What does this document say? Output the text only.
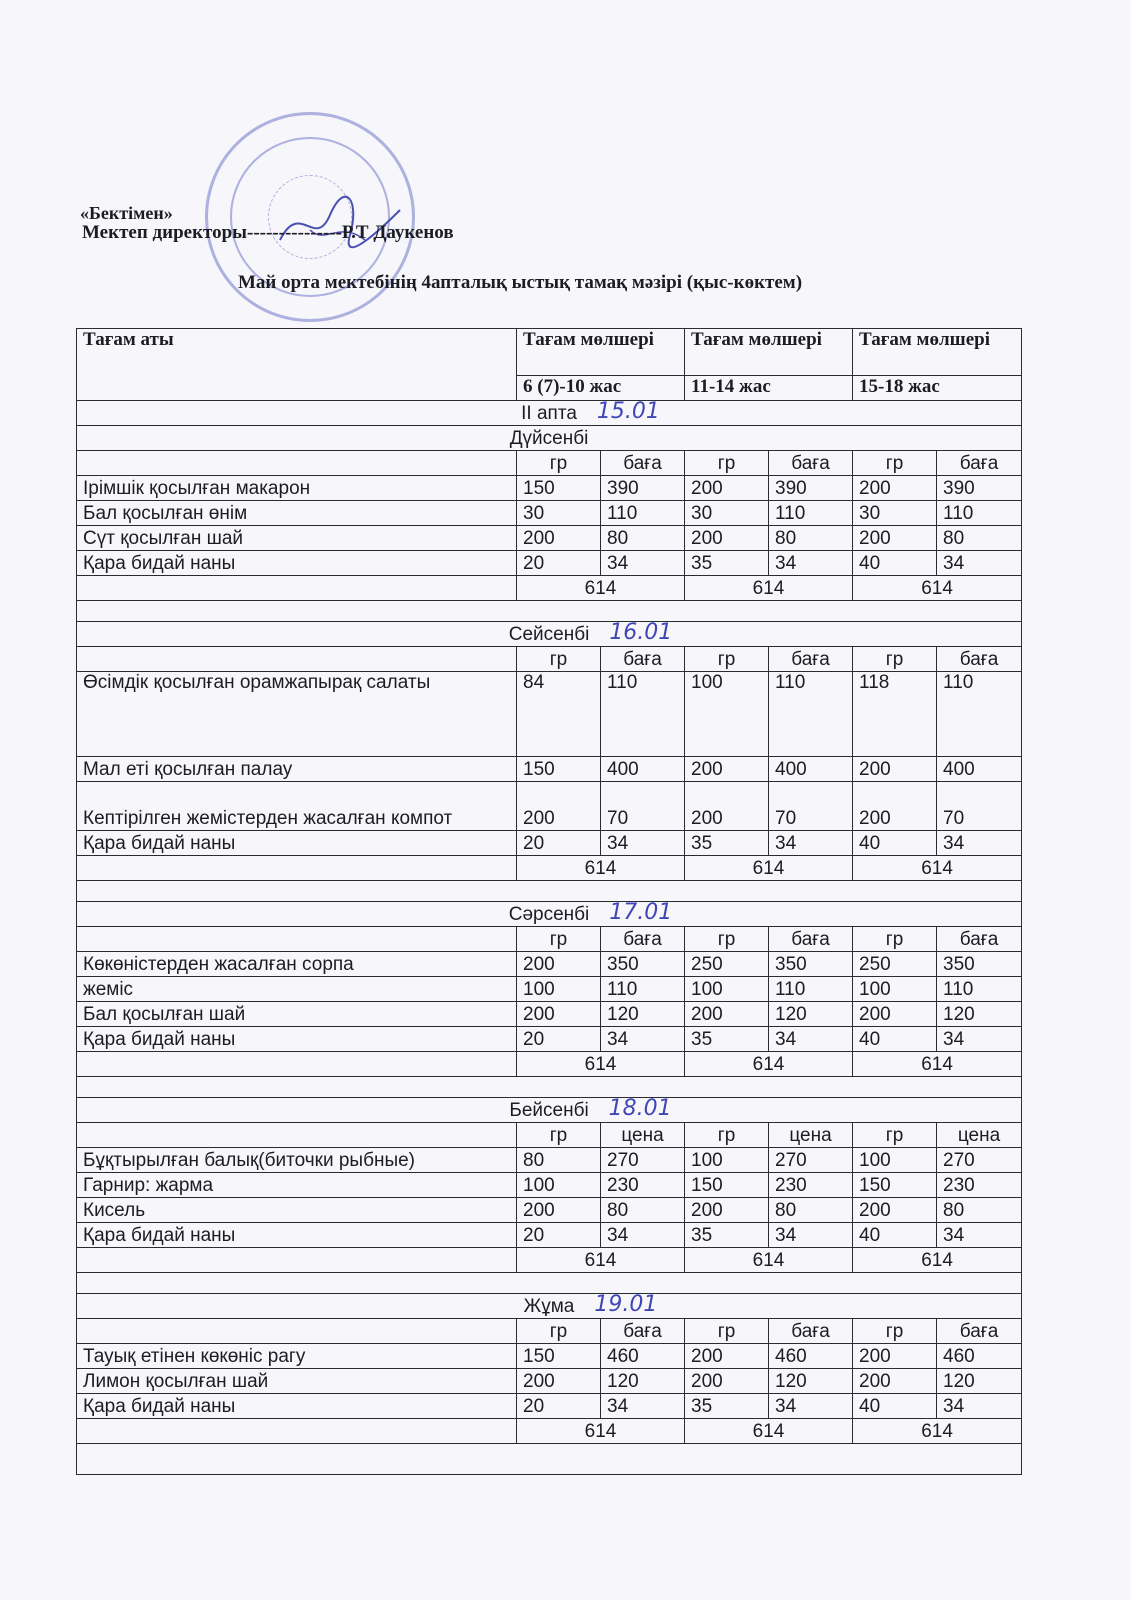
«Бектімен»
Мектеп директоры---------------Р.Т Даукенов
Май орта мектебінің 4апталық ыстық тамақ мәзірі (қыс-көктем)
Тағам аты	Тағам мөлшері		Тағам мөлшері		Тағам мөлшері	
	6 (7)-10 жас		11-14 жас		15-18 жас	
II апта 15.01						

Дүйсенбі						
	гр	баға	гр	баға	гр	баға
Ірімшік қосылған макарон	150	390	200	390	200	390
Бал қосылған өнім	30	110	30	110	30	110
Сүт қосылған шай	200	80	200	80	200	80
Қара бидай наны	20	34	35	34	40	34
	614		614		614	

Сейсенбі 16.01						

	гр	баға	гр	баға	гр	баға
Өсімдік қосылған орамжапырақ салаты	84	110	100	110	118	110
Мал еті қосылған палау	150	400	200	400	200	400
Кептірілген жемістерден жасалған компот	200	70	200	70	200	70
Қара бидай наны	20	34	35	34	40	34
	614		614		614	

Сәрсенбі 17.01						

	гр	баға	гр	баға	гр	баға
Көкөністерден жасалған сорпа	200	350	250	350	250	350
жеміс	100	110	100	110	100	110
Бал қосылған шай	200	120	200	120	200	120
Қара бидай наны	20	34	35	34	40	34
	614		614		614	

Бейсенбі 18.01						

	гр	цена	гр	цена	гр	цена
Бұқтырылған балық(биточки рыбные)	80	270	100	270	100	270
Гарнир: жарма	100	230	150	230	150	230
Кисель	200	80	200	80	200	80
Қара бидай наны	20	34	35	34	40	34
	614		614		614	

Жұма 19.01						

	гр	баға	гр	баға	гр	баға
Тауық етінен көкөніс рагу	150	460	200	460	200	460
Лимон қосылған шай	200	120	200	120	200	120
Қара бидай наны	20	34	35	34	40	34
	614		614		614	
